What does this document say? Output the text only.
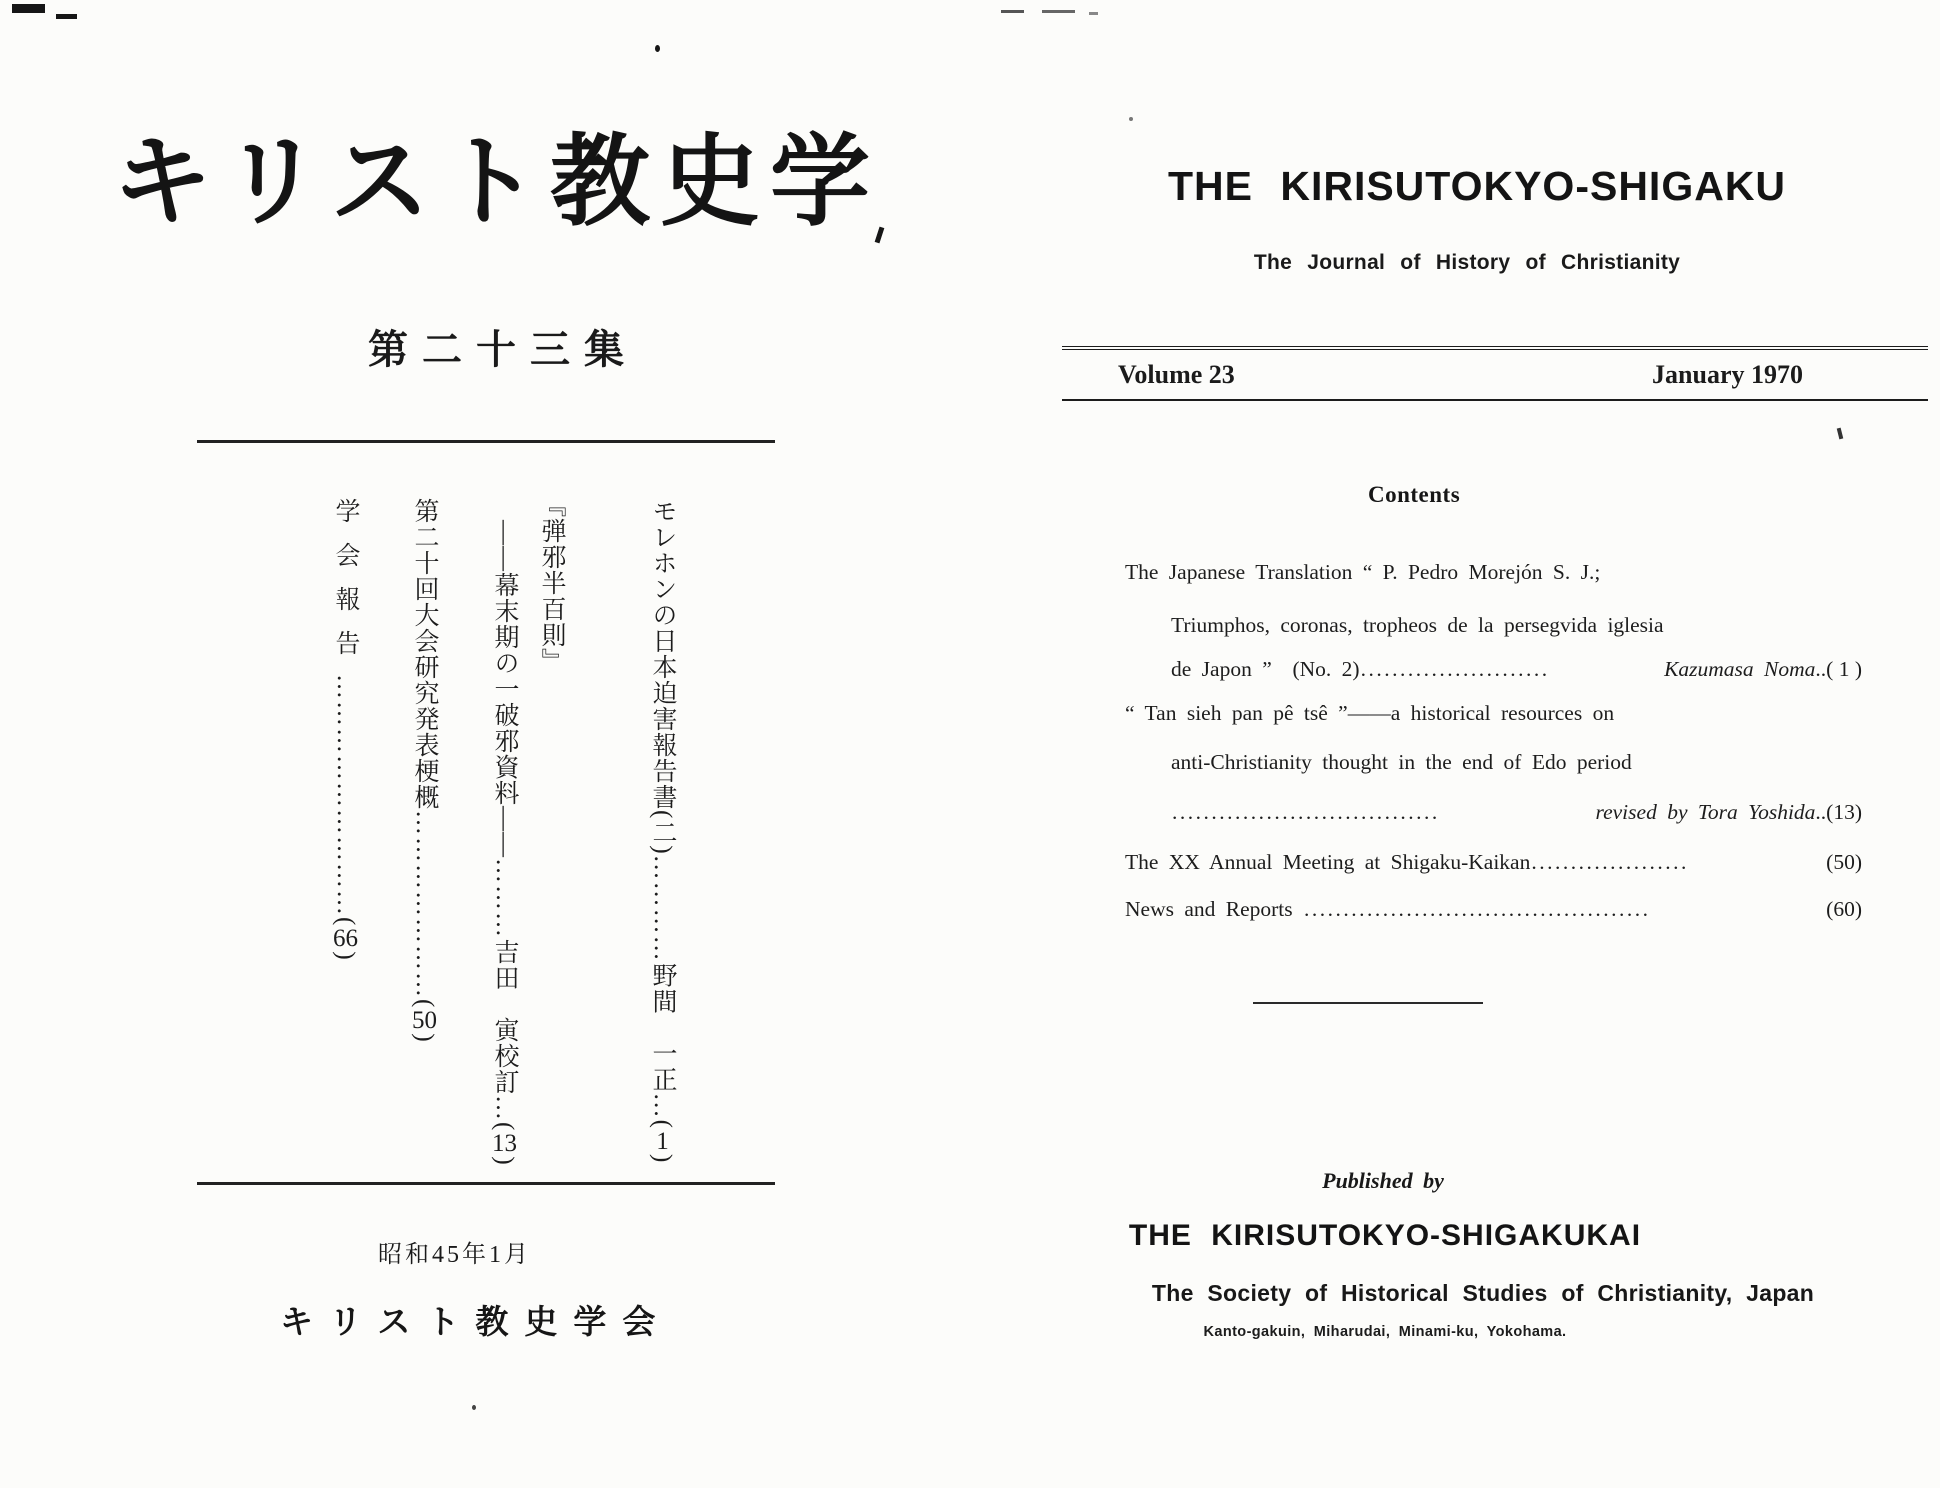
キリスト教史学
第二十三集
モレホンの日本迫害報告書(二)…………野間　一正…(1)
『弾邪半百則』
——幕末期の一破邪資料——………吉田　寅校訂…(13)
第二十回大会研究発表梗概…………………(50)
学会報告………………………(66)
昭和45年1月
キリスト教史学会
THE KIRISUTOKYO-SHIGAKU
The Journal of History of Christianity
Volume 23	January 1970
Contents
The Japanese Translation “ P. Pedro Morejón S. J.;
Triumphos, coronas, tropheos de la persegvida iglesia
de Japon ”  (No. 2) ........................	Kazumasa Noma ..( 1 )
“ Tan sieh pan pê tsê ”——a historical resources on
anti-Christianity thought in the end of Edo period
..................................	revised by Tora Yoshida ..(13)
The XX Annual Meeting at Shigaku-Kaikan ....................	(50)
News and Reports ............................................	(60)
Published by
THE KIRISUTOKYO-SHIGAKUKAI
The Society of Historical Studies of Christianity, Japan
Kanto-gakuin, Miharudai, Minami-ku, Yokohama.
